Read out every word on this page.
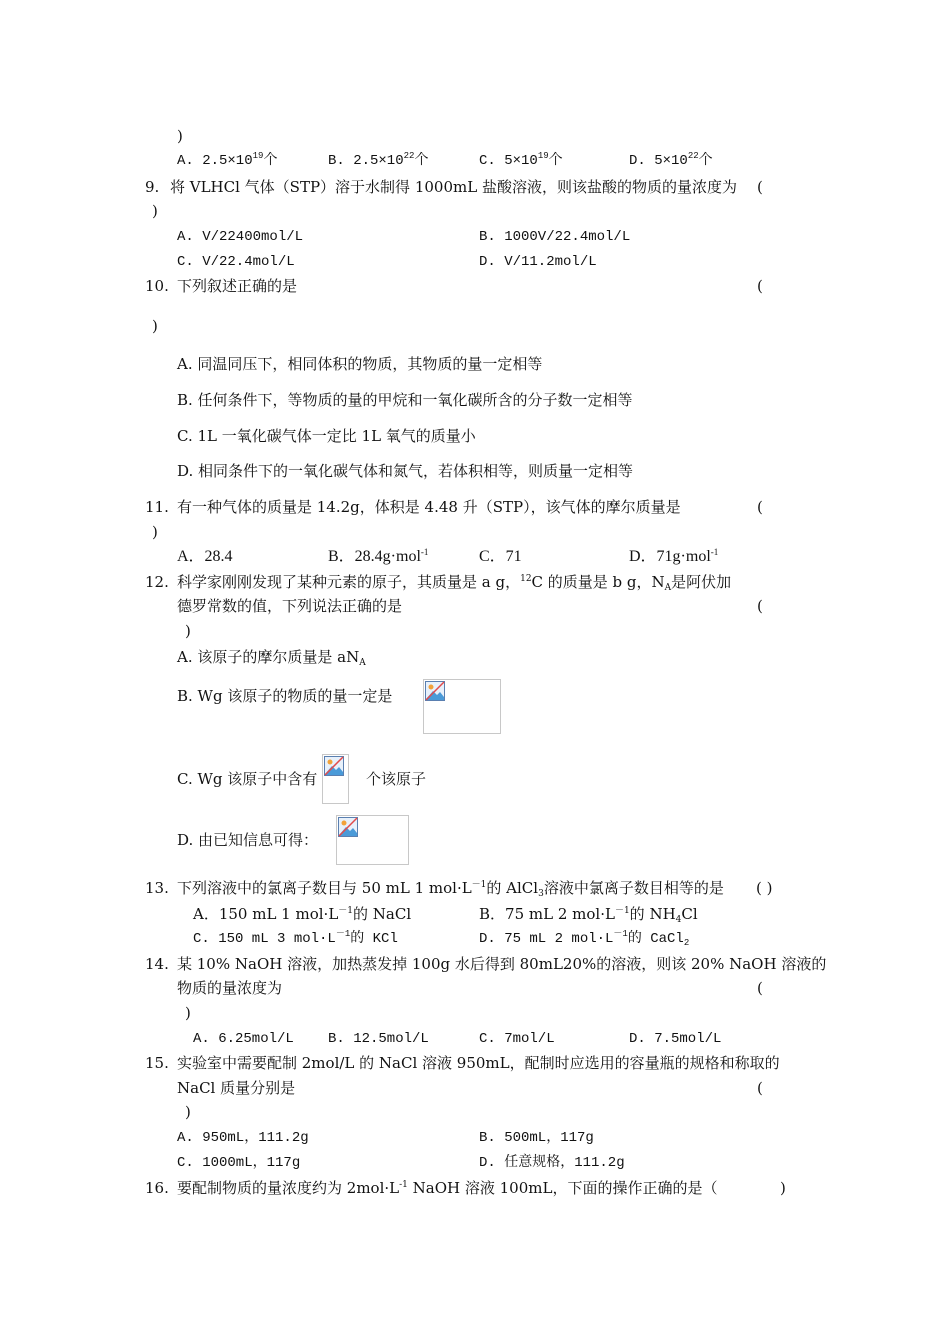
)
A. $2.5\times 10^{19}$个	B. $2.5\times 10^{22}$个	C. $5\times 10^{19}$个	D. $5\times 10^{22}$个
9. 将 VLHCl 气体（STP）溶于水制得 1000mL 盐酸溶液，则该盐酸的物质的量浓度为 (
)
A. V/22400mol/L	B. 1000V/22.4mol/L
C. V/22.4mol/L	D. V/11.2mol/L
10. 下列叙述正确的是	(
)
A. 同温同压下，相同体积的物质，其物质的量一定相等
B. 任何条件下，等物质的量的甲烷和一氧化碳所含的分子数一定相等
C. 1L 一氧化碳气体一定比 1L 氧气的质量小
D. 相同条件下的一氧化碳气体和氮气，若体积相等，则质量一定相等
11. 有一种气体的质量是 14.2g，体积是 4.48 升（STP），该气体的摩尔质量是	(
)
A．28.4	B．28.4g·mol$^{-1}$	C．71	D．71g·mol$^{-1}$
12. 科学家刚刚发现了某种元素的原子，其质量是 a g，$^{12}$C 的质量是 b g，$N_A$是阿伏加
德罗常数的值，下列说法正确的是	(
)
A. 该原子的摩尔质量是 $aN_A$
B. Wg 该原子的物质的量一定是
C. Wg 该原子中含有	个该原子
D. 由已知信息可得：
13. 下列溶液中的氯离子数目与 50 mL 1 $mol\cdot L^{-1}$的 AlCl$_3$溶液中氯离子数目相等的是 ( )
A．150 mL 1 $mol\cdot L^{-1}$的 NaCl	B．75 mL 2 $mol\cdot L^{-1}$的 $NH_4Cl$
C. 150 mL 3 $mol\cdot L^{-1}$的 KCl	D. 75 mL 2 $mol\cdot L^{-1}$的 CaCl$_2$
14. 某 10% NaOH 溶液，加热蒸发掉 100g 水后得到 80mL20%的溶液，则该 20% NaOH 溶液的
物质的量浓度为	(
)
A. 6.25mol/L B. 12.5mol/L	C. 7mol/L	D. 7.5mol/L
15. 实验室中需要配制 2mol/L 的 NaCl 溶液 950mL，配制时应选用的容量瓶的规格和称取的
NaCl 质量分别是	(
)
A. 950mL，111.2g	B. 500mL，117g
C. 1000mL，117g	D. 任意规格，111.2g
16. 要配制物质的量浓度约为 $2mol\cdot L^{-1}$ NaOH 溶液 100mL，下面的操作正确的是（	)
